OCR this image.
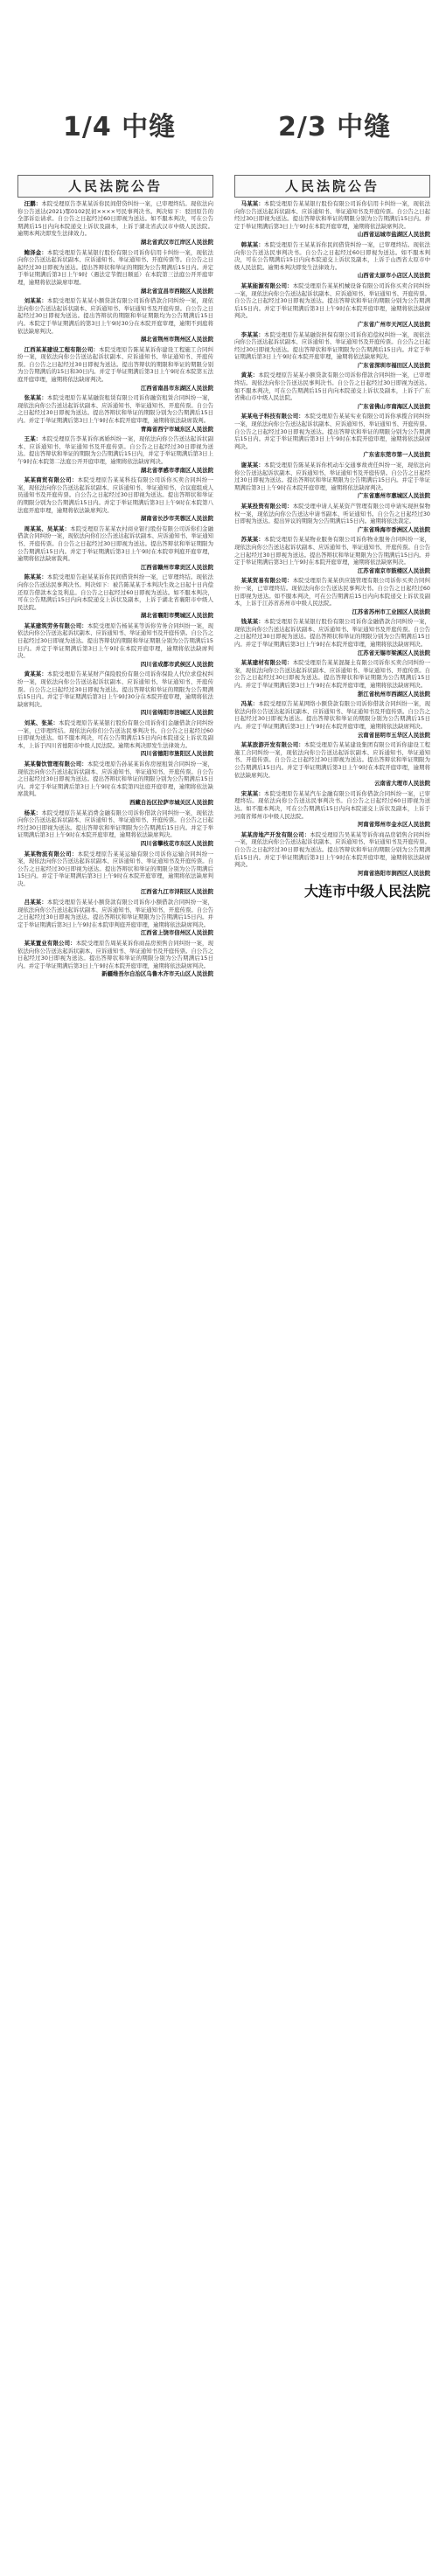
1/4 中缝	2/3 中缝
人民法院公告

汪鹏：本院受理原告李某某诉你民间借贷纠纷一案，已审理终结。现依法向你公告送达(2021)鄂0102民初××××号民事判决书。判决如下：驳回原告的全部诉讼请求。自公告之日起经过60日即视为送达。如不服本判决，可在公告期满后15日内向本院递交上诉状及副本，上诉于湖北省武汉市中级人民法院。逾期本判决即发生法律效力。

湖北省武汉市江岸区人民法院

鲍泽金：本院受理原告某某银行股份有限公司诉你信用卡纠纷一案，现依法向你公告送达起诉状副本、应诉通知书、举证通知书、开庭传票等。自公告之日起经过30日即视为送达。提出答辩状和举证的期限为公告期满后15日内。并定于举证期满后第3日上午9时（遇法定节假日顺延）在本院第三法庭公开开庭审理，逾期将依法缺席审理。

湖北省宜昌市西陵区人民法院

刘某某：本院受理原告某某小额贷款有限公司诉你借款合同纠纷一案，现依法向你公告送达起诉状副本、应诉通知书、举证通知书及开庭传票。自公告之日起经过30日即视为送达。提出答辩状的期限和举证期限均为公告期满后15日内。本院定于举证期满后的第3日上午9时30分在本院开庭审理，逾期不到庭将依法缺席判决。

湖北省荆州市荆州区人民法院

江西某某建设工程有限公司：本院受理原告陈某某诉你建设工程施工合同纠纷一案，现依法向你公告送达起诉状副本、应诉通知书、举证通知书、开庭传票。自公告之日起经过30日即视为送达。提出答辩状的期限和举证的期限分别为公告期满后的15日和30日内。并定于举证期满后第3日上午9时在本院第五法庭开庭审理，逾期将依法缺席判决。

江西省南昌市东湖区人民法院

张某某：本院受理原告某某融资租赁有限公司诉你融资租赁合同纠纷一案，现依法向你公告送达起诉状副本、应诉通知书、举证通知书、开庭传票。自公告之日起经过30日即视为送达。提出答辩状和举证的期限分别为公告期满后15日内。并定于举证期满后第3日上午9时在本院开庭审理，逾期将依法缺席裁判。

青海省西宁市城东区人民法院

王某：本院受理原告李某诉你离婚纠纷一案，现依法向你公告送达起诉状副本、应诉通知书、举证通知书及开庭传票。自公告之日起经过30日即视为送达。提出答辩状和举证的期限为公告期满后15日内，并定于举证期满后第3日上午9时在本院第二法庭公开开庭审理，逾期将依法缺席判决。

湖北省孝感市孝南区人民法院

某某商贸有限公司：本院受理原告某某科技有限公司诉你买卖合同纠纷一案，现依法向你公告送达起诉状副本、应诉通知书、举证通知书、合议庭组成人员通知书及开庭传票。自公告之日起经过30日即视为送达。提出答辩状和举证的期限分别为公告期满后15日内。并定于举证期满后第3日上午9时在本院第八法庭开庭审理，逾期将依法缺席判决。

湖南省长沙市芙蓉区人民法院

周某某、吴某某：本院受理原告某某农村商业银行股份有限公司诉你们金融借款合同纠纷一案，现依法向你们公告送达起诉状副本、应诉通知书、举证通知书、开庭传票。自公告之日起经过30日即视为送达。提出答辩状和举证期限为公告期满后15日内。并定于举证期满后第3日上午9时在本院审判庭开庭审理，逾期将依法缺席裁判。

江西省赣州市章贡区人民法院

陈某某：本院受理原告赵某某诉你民间借贷纠纷一案，已审理终结。现依法向你公告送达民事判决书。判决如下：被告陈某某于本判决生效之日起十日内偿还原告借款本金及利息。自公告之日起经过60日即视为送达。如不服本判决，可在公告期满后15日内向本院递交上诉状及副本，上诉于湖北省襄阳市中级人民法院。

湖北省襄阳市樊城区人民法院

某某建筑劳务有限公司：本院受理原告杨某某等诉你劳务合同纠纷一案，现依法向你公告送达起诉状副本、应诉通知书、举证通知书及开庭传票。自公告之日起经过30日即视为送达。提出答辩状的期限和举证期限分别为公告期满后15日内。并定于举证期满后第3日上午9时在本院开庭审理，逾期将依法缺席判决。

四川省成都市武侯区人民法院

黄某某：本院受理原告某某财产保险股份有限公司诉你保险人代位求偿权纠纷一案，现依法向你公告送达起诉状副本、应诉通知书、举证通知书、开庭传票。自公告之日起经过30日即视为送达。提出答辩状和举证的期限为公告期满后15日内。并定于举证期满后第3日上午9时30分在本院开庭审理，逾期将依法缺席判决。

四川省绵阳市涪城区人民法院

刘某、张某：本院受理原告某某银行股份有限公司诉你们金融借款合同纠纷一案，已审理终结。现依法向你们公告送达民事判决书。自公告之日起经过60日即视为送达。如不服本判决，可在公告期满后15日内向本院递交上诉状及副本，上诉于四川省德阳市中级人民法院。逾期本判决即发生法律效力。

四川省德阳市旌阳区人民法院

某某餐饮管理有限公司：本院受理原告孙某某诉你房屋租赁合同纠纷一案，现依法向你公告送达起诉状副本、应诉通知书、举证通知书、开庭传票。自公告之日起经过30日即视为送达。提出答辩状和举证的期限分别为公告期满后15日内。并定于举证期满后第3日上午9时在本院第四法庭开庭审理，逾期将依法缺席裁判。

西藏自治区拉萨市城关区人民法院

杨某：本院受理原告某某消费金融有限公司诉你借款合同纠纷一案，现依法向你公告送达起诉状副本、应诉通知书、举证通知书、开庭传票。自公告之日起经过30日即视为送达。提出答辩状和举证期限为公告期满后15日内。并定于举证期满后第3日上午9时在本院开庭审理，逾期将依法缺席判决。

四川省攀枝花市东区人民法院

某某物流有限公司：本院受理原告某某运输有限公司诉你运输合同纠纷一案，现依法向你公告送达起诉状副本、应诉通知书、举证通知书及开庭传票。自公告之日起经过30日即视为送达。提出答辩状和举证的期限分别为公告期满后15日内。并定于举证期满后第3日上午9时在本院开庭审理，逾期将依法缺席判决。

江西省九江市浔阳区人民法院

吕某某：本院受理原告某某小额贷款有限公司诉你小额借款合同纠纷一案，现依法向你公告送达起诉状副本、应诉通知书、举证通知书、开庭传票。自公告之日起经过30日即视为送达。提出答辩状和举证期限为公告期满后15日内。并定于举证期满后第3日上午9时在本院审判庭开庭审理，逾期将依法缺席判决。

江西省上饶市信州区人民法院

某某置业有限公司：本院受理原告周某某诉你商品房预售合同纠纷一案，现依法向你公告送达起诉状副本、应诉通知书、举证通知书及开庭传票。自公告之日起经过30日即视为送达。提出答辩状和举证的期限分别为公告期满后15日内。并定于举证期满后第3日上午9时在本院开庭审理，逾期将依法缺席判决。

新疆维吾尔自治区乌鲁木齐市天山区人民法院
人民法院公告

马某某：本院受理原告某某银行股份有限公司诉你信用卡纠纷一案，现依法向你公告送达起诉状副本、应诉通知书、举证通知书及开庭传票。自公告之日起经过30日即视为送达。提出答辩状和举证的期限分别为公告期满后15日内。并定于举证期满后第3日上午9时在本院开庭审理，逾期将依法缺席判决。

山西省运城市盐湖区人民法院

韩某某：本院受理原告王某某诉你民间借贷纠纷一案，已审理终结。现依法向你公告送达民事判决书。自公告之日起经过60日即视为送达。如不服本判决，可在公告期满后15日内向本院递交上诉状及副本，上诉于山西省太原市中级人民法院。逾期本判决即发生法律效力。

山西省太原市小店区人民法院

某某能源有限公司：本院受理原告某某机械设备有限公司诉你买卖合同纠纷一案，现依法向你公告送达起诉状副本、应诉通知书、举证通知书、开庭传票。自公告之日起经过30日即视为送达。提出答辩状和举证的期限分别为公告期满后15日内。并定于举证期满后第3日上午9时在本院开庭审理，逾期将依法缺席判决。

广东省广州市天河区人民法院

李某某：本院受理原告某某融资担保有限公司诉你追偿权纠纷一案，现依法向你公告送达起诉状副本、应诉通知书、举证通知书及开庭传票。自公告之日起经过30日即视为送达。提出答辩状和举证期限为公告期满后15日内。并定于举证期满后第3日上午9时在本院开庭审理，逾期将依法缺席判决。

广东省深圳市福田区人民法院

黄某：本院受理原告某某小额贷款有限公司诉你借款合同纠纷一案，已审理终结。现依法向你公告送达民事判决书。自公告之日起经过30日即视为送达。如不服本判决，可在公告期满后15日内向本院递交上诉状及副本，上诉于广东省佛山市中级人民法院。

广东省佛山市南海区人民法院

某某电子科技有限公司：本院受理原告某某实业有限公司诉你承揽合同纠纷一案，现依法向你公告送达起诉状副本、应诉通知书、举证通知书、开庭传票。自公告之日起经过30日即视为送达。提出答辩状和举证的期限分别为公告期满后15日内。并定于举证期满后第3日上午9时在本院开庭审理，逾期将依法缺席判决。

广东省东莞市第一人民法院

谢某某：本院受理原告陈某某诉你机动车交通事故责任纠纷一案，现依法向你公告送达起诉状副本、应诉通知书、举证通知书及开庭传票。自公告之日起经过30日即视为送达。提出答辩状和举证期限为公告期满后15日内。并定于举证期满后第3日上午9时在本院开庭审理，逾期将依法缺席判决。

广东省惠州市惠城区人民法院

某某投资有限公司：本院受理申请人某某资产管理有限公司申请实现担保物权一案，现依法向你公告送达申请书副本、听证通知书。自公告之日起经过30日即视为送达。提出异议的期限为公告期满后15日内。逾期将依法裁定。

广东省珠海市香洲区人民法院

苏某某：本院受理原告某某物业服务有限公司诉你物业服务合同纠纷一案，现依法向你公告送达起诉状副本、应诉通知书、举证通知书、开庭传票。自公告之日起经过30日即视为送达。提出答辩状和举证期限为公告期满后15日内。并定于举证期满后第3日上午9时在本院开庭审理，逾期将依法缺席判决。

江苏省南京市鼓楼区人民法院

某某贸易有限公司：本院受理原告某某供应链管理有限公司诉你买卖合同纠纷一案，已审理终结。现依法向你公告送达民事判决书。自公告之日起经过60日即视为送达。如不服本判决，可在公告期满后15日内向本院递交上诉状及副本，上诉于江苏省苏州市中级人民法院。

江苏省苏州市工业园区人民法院

钱某某：本院受理原告某某银行股份有限公司诉你金融借款合同纠纷一案，现依法向你公告送达起诉状副本、应诉通知书、举证通知书及开庭传票。自公告之日起经过30日即视为送达。提出答辩状和举证的期限分别为公告期满后15日内。并定于举证期满后第3日上午9时在本院开庭审理，逾期将依法缺席判决。

江苏省无锡市梁溪区人民法院

某某建材有限公司：本院受理原告某某混凝土有限公司诉你买卖合同纠纷一案，现依法向你公告送达起诉状副本、应诉通知书、举证通知书、开庭传票。自公告之日起经过30日即视为送达。提出答辩状和举证期限为公告期满后15日内。并定于举证期满后第3日上午9时在本院开庭审理，逾期将依法缺席判决。

浙江省杭州市西湖区人民法院

冯某：本院受理原告某某网络小额贷款有限公司诉你借款合同纠纷一案，现依法向你公告送达起诉状副本、应诉通知书、举证通知书及开庭传票。自公告之日起经过30日即视为送达。提出答辩状和举证的期限分别为公告期满后15日内。并定于举证期满后第3日上午9时在本院开庭审理，逾期将依法缺席判决。

云南省昆明市五华区人民法院

某某旅游开发有限公司：本院受理原告某某建设集团有限公司诉你建设工程施工合同纠纷一案，现依法向你公告送达起诉状副本、应诉通知书、举证通知书、开庭传票。自公告之日起经过30日即视为送达。提出答辩状和举证期限为公告期满后15日内。并定于举证期满后第3日上午9时在本院开庭审理，逾期将依法缺席判决。

云南省大理市人民法院

宋某某：本院受理原告某某汽车金融有限公司诉你借款合同纠纷一案，已审理终结。现依法向你公告送达民事判决书。自公告之日起经过60日即视为送达。如不服本判决，可在公告期满后15日内向本院递交上诉状及副本，上诉于河南省郑州市中级人民法院。

河南省郑州市金水区人民法院

某某房地产开发有限公司：本院受理原告吴某某等诉你商品房销售合同纠纷一案，现依法向你公告送达起诉状副本、应诉通知书、举证通知书及开庭传票。自公告之日起经过30日即视为送达。提出答辩状和举证的期限分别为公告期满后15日内。并定于举证期满后第3日上午9时在本院开庭审理，逾期将依法缺席判决。

河南省洛阳市涧西区人民法院
大连市中级人民法院
